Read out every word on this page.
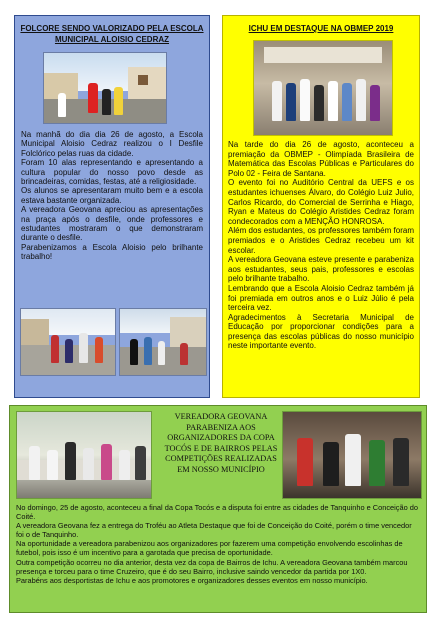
FOLCORE SENDO VALORIZADO PELA ESCOLA MUNICIPAL ALOISIO CEDRAZ

Na manhã do dia dia 26 de agosto, a Escola Municipal Aloisio Cedraz realizou o I Desfile Folclórico pelas ruas da cidade.

Foram 10 alas representando e apresentando a cultura popular do nosso povo desde as brincadeiras, comidas, festas, até a religiosidade.

Os alunos se apresentaram muito bem e a escola estava bastante organizada.

A vereadora Geovana apreciou as apresentações na praça após o desfile, onde professores e estudantes mostraram o que demonstraram durante o desfile.

Parabenizamos a Escola Aloisio pelo brilhante trabalho!

ICHU EM DESTAQUE NA OBMEP 2019

Na tarde do dia 26 de agosto, aconteceu a premiação da OBMEP - Olimpíada Brasileira de Matemática das Escolas Públicas e Particulares do Polo 02 - Feira de Santana.

O evento foi no Auditório Central da UEFS e os estudantes ichuenses Álvaro, do Colégio Luiz Julio, Carlos Ricardo, do Comercial de Serrinha e Hiago, Ryan e Mateus do Colégio Aristides Cedraz foram condecorados com a MENÇÃO HONROSA.

Além dos estudantes, os professores também foram premiados e o Aristides Cedraz recebeu um kit escolar.

A vereadora Geovana esteve presente e parabeniza aos estudantes, seus pais, professores e escolas pelo brilhante trabalho.

Lembrando que a Escola Aloisio Cedraz também já foi premiada em outros anos e o Luiz Júlio é pela terceira vez.

Agradecimentos à Secretaria Municipal de Educação por proporcionar condições para a presença das escolas públicas do nosso município neste importante evento.

VEREADORA GEOVANA PARABENIZA AOS ORGANIZADORES DA COPA TOCÓS E DE BAIRROS PELAS COMPETIÇÕES REALIZADAS EM NOSSO MUNICÍPIO

No domingo, 25 de agosto, aconteceu a final da Copa Tocós e a disputa foi entre as cidades de Tanquinho e Conceição do Coité.

A vereadora Geovana fez a entrega do Troféu ao Atleta Destaque que foi de Conceição do Coité, porém o time vencedor foi o de Tanquinho.

Na oportunidade a vereadora parabenizou aos organizadores por fazerem uma competição envolvendo escolinhas de futebol, pois isso é um incentivo para a garotada que precisa de oportunidade.

Outra competição ocorreu no dia anterior, desta vez da copa de Bairros de Ichu. A vereadora Geovana também marcou presença e torceu para o time Cruzeiro, que é do seu Bairro, inclusive saindo vencedor da partida por 1X0.

Parabéns aos desportistas de Ichu e aos promotores e organizadores desses eventos em nosso município.
